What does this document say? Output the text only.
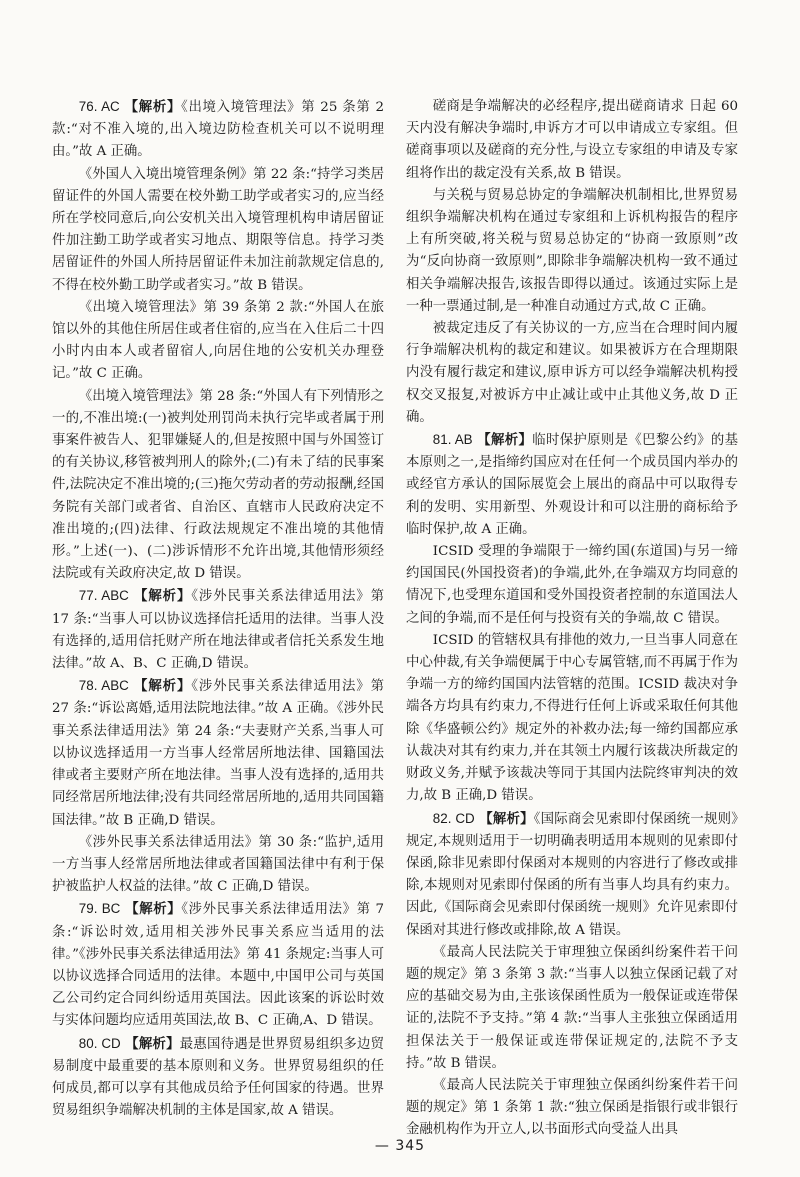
76. AC 【解析】《出境入境管理法》第 25 条第 2 款:“对不准入境的,出入境边防检查机关可以不说明理由。”故 A 正确。

《外国人入境出境管理条例》第 22 条:“持学习类居留证件的外国人需要在校外勤工助学或者实习的,应当经所在学校同意后,向公安机关出入境管理机构申请居留证件加注勤工助学或者实习地点、期限等信息。持学习类居留证件的外国人所持居留证件未加注前款规定信息的,不得在校外勤工助学或者实习。”故 B 错误。

《出境入境管理法》第 39 条第 2 款:“外国人在旅馆以外的其他住所居住或者住宿的,应当在入住后二十四小时内由本人或者留宿人,向居住地的公安机关办理登记。”故 C 正确。

《出境入境管理法》第 28 条:“外国人有下列情形之一的,不准出境:(一)被判处刑罚尚未执行完毕或者属于刑事案件被告人、犯罪嫌疑人的,但是按照中国与外国签订的有关协议,移管被判刑人的除外;(二)有未了结的民事案件,法院决定不准出境的;(三)拖欠劳动者的劳动报酬,经国务院有关部门或者省、自治区、直辖市人民政府决定不准出境的;(四)法律、行政法规规定不准出境的其他情形。”上述(一)、(二)涉诉情形不允许出境,其他情形须经法院或有关政府决定,故 D 错误。

77. ABC 【解析】《涉外民事关系法律适用法》第 17 条:“当事人可以协议选择信托适用的法律。当事人没有选择的,适用信托财产所在地法律或者信托关系发生地法律。”故 A、B、C 正确,D 错误。

78. ABC 【解析】《涉外民事关系法律适用法》第 27 条:“诉讼离婚,适用法院地法律。”故 A 正确。《涉外民事关系法律适用法》第 24 条:“夫妻财产关系,当事人可以协议选择适用一方当事人经常居所地法律、国籍国法律或者主要财产所在地法律。当事人没有选择的,适用共同经常居所地法律;没有共同经常居所地的,适用共同国籍国法律。”故 B 正确,D 错误。

《涉外民事关系法律适用法》第 30 条:“监护,适用一方当事人经常居所地法律或者国籍国法律中有利于保护被监护人权益的法律。”故 C 正确,D 错误。

79. BC 【解析】《涉外民事关系法律适用法》第 7 条:“诉讼时效,适用相关涉外民事关系应当适用的法律。”《涉外民事关系法律适用法》第 41 条规定:当事人可以协议选择合同适用的法律。本题中,中国甲公司与英国乙公司约定合同纠纷适用英国法。因此该案的诉讼时效与实体问题均应适用英国法,故 B、C 正确,A、D 错误。

80. CD 【解析】最惠国待遇是世界贸易组织多边贸易制度中最重要的基本原则和义务。世界贸易组织的任何成员,都可以享有其他成员给予任何国家的待遇。世界贸易组织争端解决机制的主体是国家,故 A 错误。

磋商是争端解决的必经程序,提出磋商请求 日起 60 天内没有解决争端时,申诉方才可以申请成立专家组。但磋商事项以及磋商的充分性,与设立专家组的申请及专家组将作出的裁定没有关系,故 B 错误。

与关税与贸易总协定的争端解决机制相比,世界贸易组织争端解决机构在通过专家组和上诉机构报告的程序上有所突破,将关税与贸易总协定的“协商一致原则”改为“反向协商一致原则”,即除非争端解决机构一致不通过相关争端解决报告,该报告即得以通过。该通过实际上是一种一票通过制,是一种准自动通过方式,故 C 正确。

被裁定违反了有关协议的一方,应当在合理时间内履行争端解决机构的裁定和建议。如果被诉方在合理期限内没有履行裁定和建议,原申诉方可以经争端解决机构授权交叉报复,对被诉方中止减让或中止其他义务,故 D 正确。

81. AB 【解析】临时保护原则是《巴黎公约》的基本原则之一,是指缔约国应对在任何一个成员国内举办的或经官方承认的国际展览会上展出的商品中可以取得专利的发明、实用新型、外观设计和可以注册的商标给予临时保护,故 A 正确。

ICSID 受理的争端限于一缔约国(东道国)与另一缔约国国民(外国投资者)的争端,此外,在争端双方均同意的情况下,也受理东道国和受外国投资者控制的东道国法人之间的争端,而不是任何与投资有关的争端,故 C 错误。

ICSID 的管辖权具有排他的效力,一旦当事人同意在中心仲裁,有关争端便属于中心专属管辖,而不再属于作为争端一方的缔约国国内法管辖的范围。ICSID 裁决对争端各方均具有约束力,不得进行任何上诉或采取任何其他除《华盛顿公约》规定外的补救办法;每一缔约国都应承认裁决对其有约束力,并在其领土内履行该裁决所裁定的财政义务,并赋予该裁决等同于其国内法院终审判决的效力,故 B 正确,D 错误。

82. CD 【解析】《国际商会见索即付保函统一规则》规定,本规则适用于一切明确表明适用本规则的见索即付保函,除非见索即付保函对本规则的内容进行了修改或排除,本规则对见索即付保函的所有当事人均具有约束力。因此,《国际商会见索即付保函统一规则》允许见索即付保函对其进行修改或排除,故 A 错误。

《最高人民法院关于审理独立保函纠纷案件若干问题的规定》第 3 条第 3 款:“当事人以独立保函记载了对应的基础交易为由,主张该保函性质为一般保证或连带保证的,法院不予支持。”第 4 款:“当事人主张独立保函适用担保法关于一般保证或连带保证规定的,法院不予支持。”故 B 错误。

《最高人民法院关于审理独立保函纠纷案件若干问题的规定》第 1 条第 1 款:“独立保函是指银行或非银行金融机构作为开立人,以书面形式向受益人出具

— 345
